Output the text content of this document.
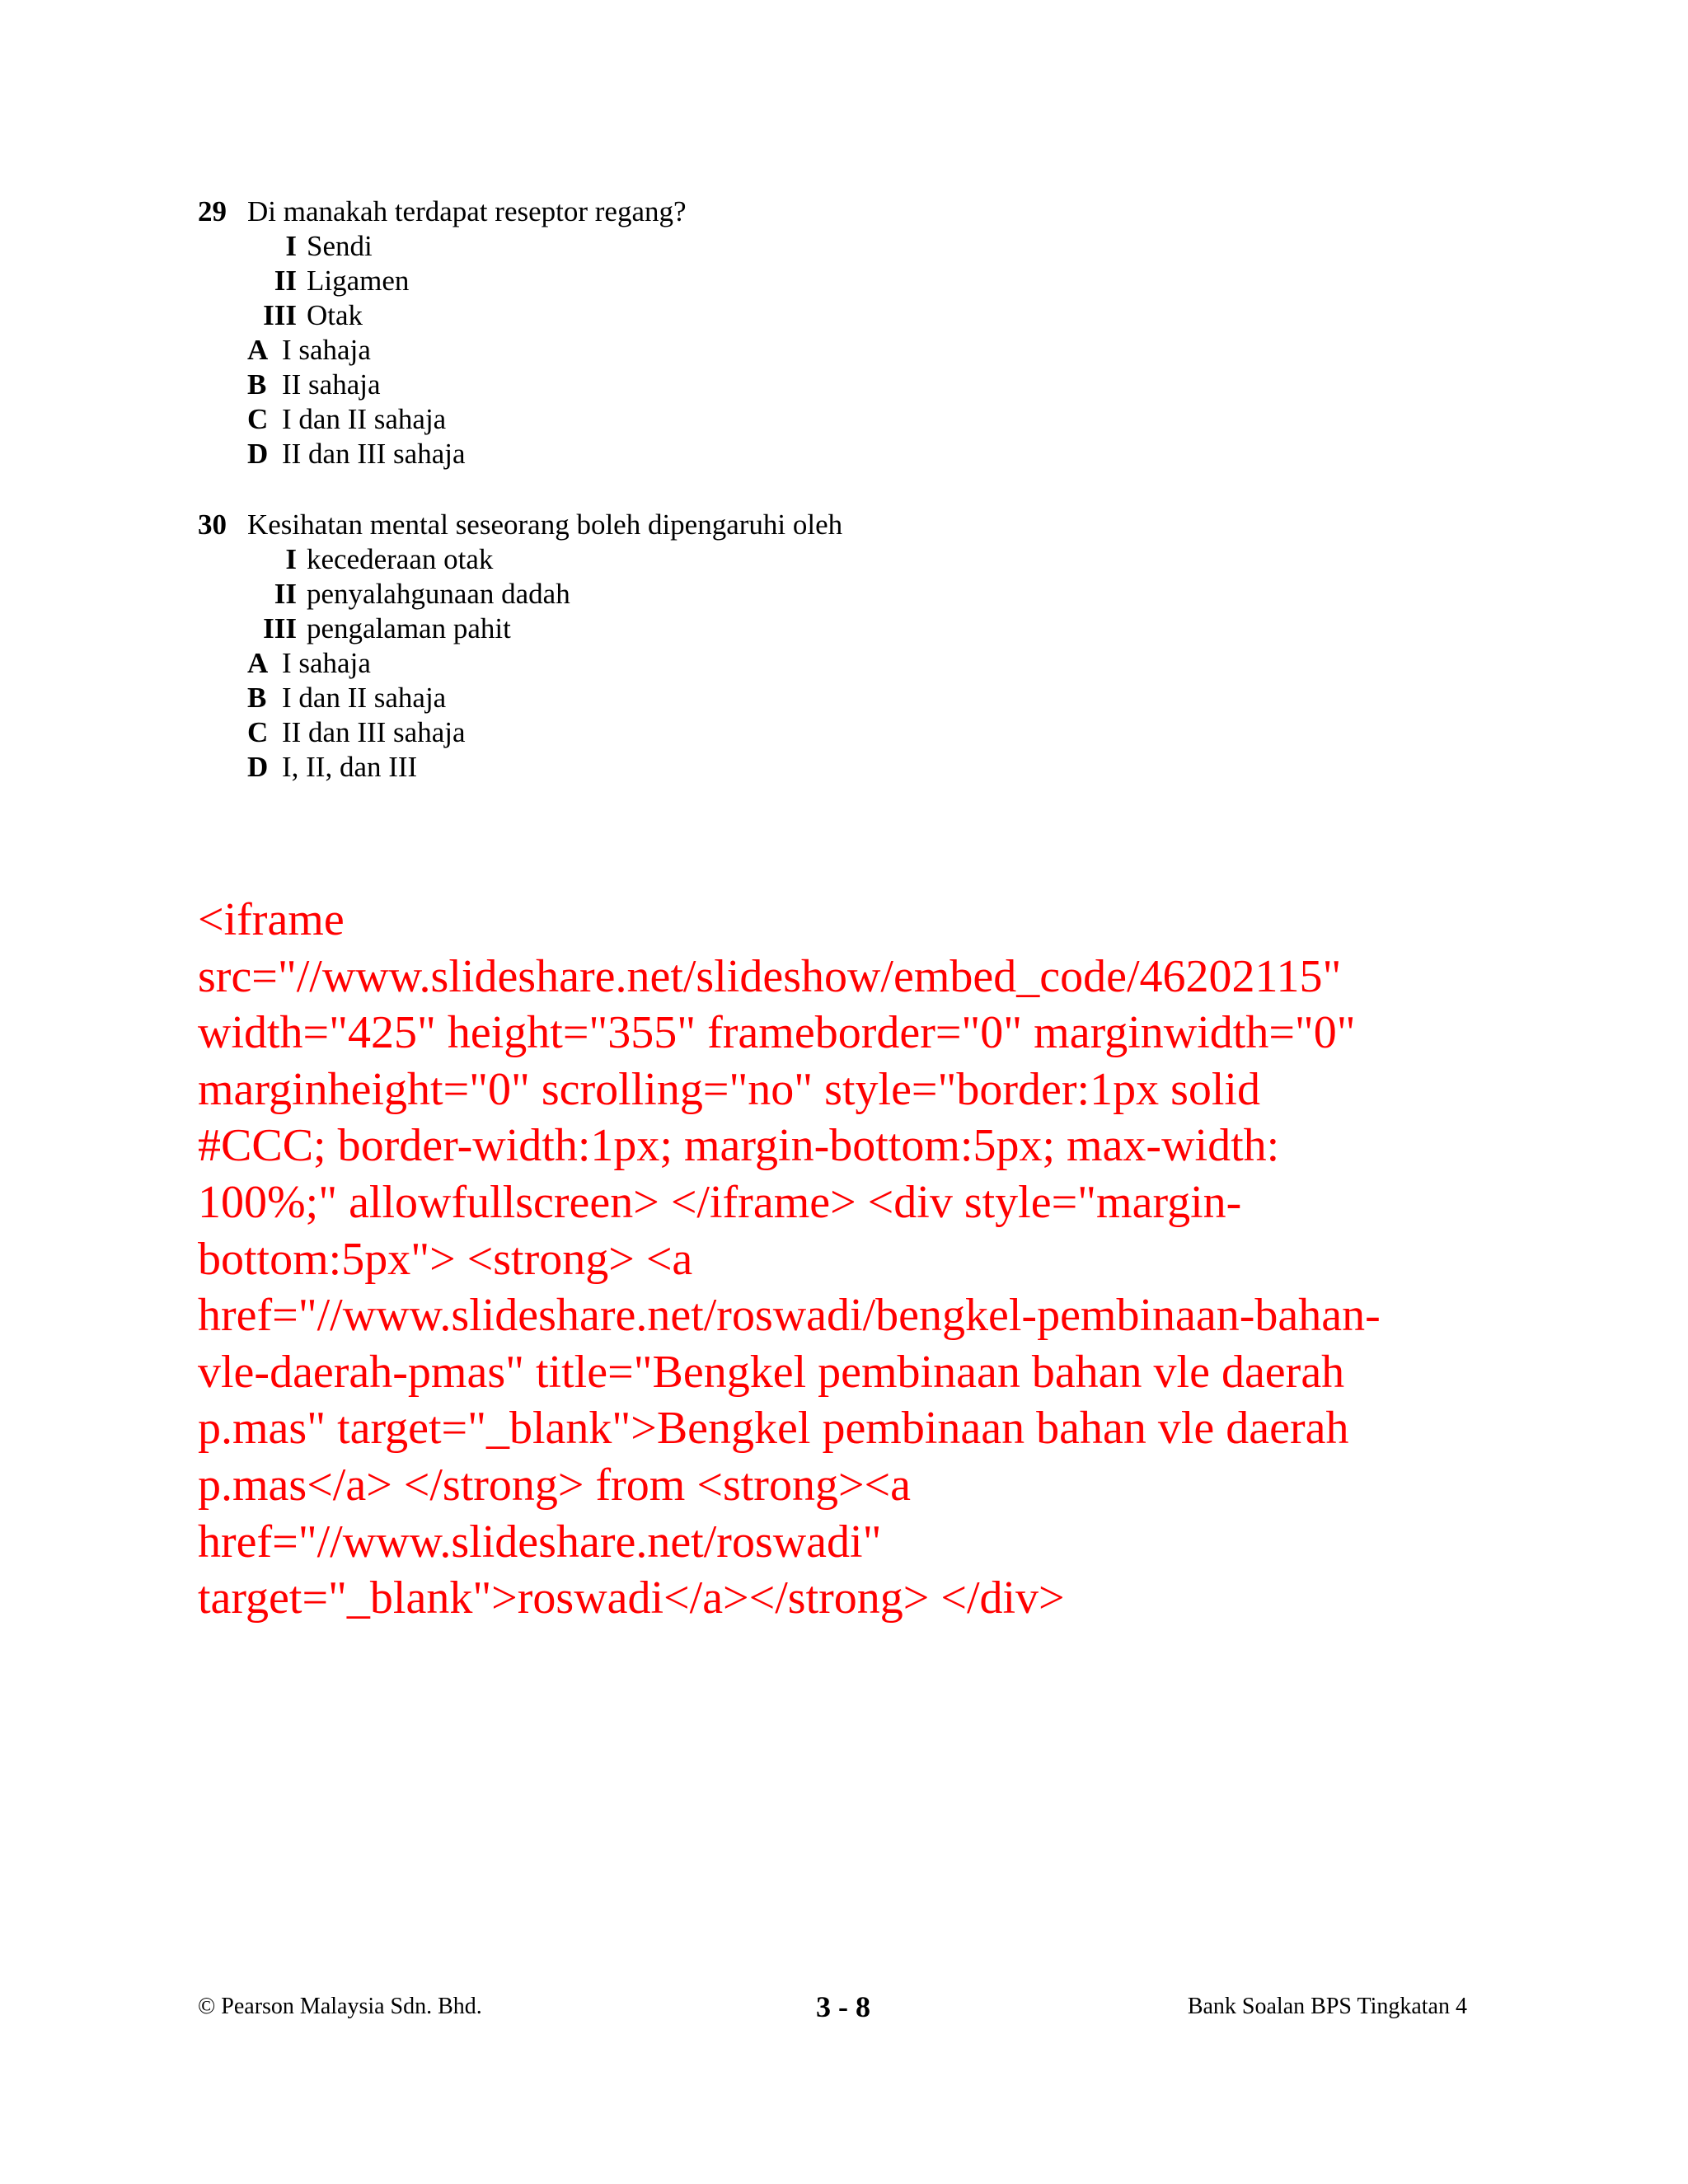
29 Di manakah terdapat reseptor regang?
I Sendi
II Ligamen
III Otak
A I sahaja
B II sahaja
C I dan II sahaja
D II dan III sahaja
30 Kesihatan mental seseorang boleh dipengaruhi oleh
I kecederaan otak
II penyalahgunaan dadah
III pengalaman pahit
A I sahaja
B I dan II sahaja
C II dan III sahaja
D I, II, dan III
<iframe
src="//www.slideshare.net/slideshow/embed_code/46202115"
width="425" height="355" frameborder="0" marginwidth="0"
marginheight="0" scrolling="no" style="border:1px solid
#CCC; border-width:1px; margin-bottom:5px; max-width:
100%;" allowfullscreen> </iframe> <div style="margin-
bottom:5px"> <strong> <a
href="//www.slideshare.net/roswadi/bengkel-pembinaan-bahan-
vle-daerah-pmas" title="Bengkel pembinaan bahan vle daerah
p.mas" target="_blank">Bengkel pembinaan bahan vle daerah
p.mas</a> </strong> from <strong><a
href="//www.slideshare.net/roswadi"
target="_blank">roswadi</a></strong> </div>
© Pearson Malaysia Sdn. Bhd.	3 - 8	Bank Soalan BPS Tingkatan 4
